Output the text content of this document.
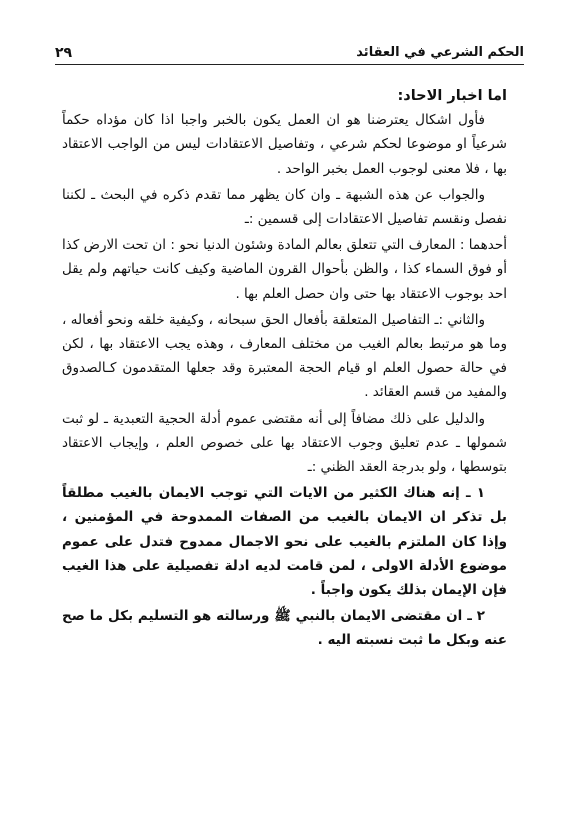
الحكم الشرعي في العقائد
٢٩

اما اخبار الاحاد:

فأول اشكال يعترضنا هو ان العمل يكون بالخبر واجبا اذا كان مؤداه حكماً شرعياً او موضوعا لحكم شرعي ، وتفاصيل الاعتقادات ليس من الواجب الاعتقاد بها ، فلا معنى لوجوب العمل بخبر الواحد .

والجواب عن هذه الشبهة ـ وان كان يظهر مما تقدم ذكره في البحث ـ لكننا نفصل ونقسم تفاصيل الاعتقادات إلى قسمين :ـ

أحدهما : المعارف التي تتعلق بعالم المادة وشئون الدنيا نحو : ان تحت الارض كذا أو فوق السماء كذا ، والظن بأحوال القرون الماضية وكيف كانت حياتهم ولم يقل احد بوجوب الاعتقاد بها حتى وان حصل العلم بها .

والثاني :ـ التفاصيل المتعلقة بأفعال الحق سبحانه ، وكيفية خلقه ونحو أفعاله ، وما هو مرتبط بعالم الغيب من مختلف المعارف ، وهذه يجب الاعتقاد بها ، لكن في حالة حصول العلم او قيام الحجة المعتبرة وقد جعلها المتقدمون كـالصدوق والمفيد من قسم العقائد .

والدليل على ذلك مضافاً إلى أنه مقتضى عموم أدلة الحجية التعبدية ـ لو ثبت شمولها ـ عدم تعليق وجوب الاعتقاد بها على خصوص العلم ، وإيجاب الاعتقاد بتوسطها ، ولو بدرجة العقد الظني :ـ

١ ـ إنه هناك الكثير من الايات التي توجب الايمان بالغيب مطلقاً بل تذكر ان الايمان بالغيب من الصفات الممدوحة في المؤمنين ، وإذا كان الملتزم بالغيب على نحو الاجمال ممدوح فتدل على عموم موضوع الأدلة الاولى ، لمن قامت لديه ادلة تفصيلية على هذا الغيب فإن الإيمان بذلك يكون واجباً .

٢ ـ ان مقتضى الايمان بالنبي ﷺ ورسالته هو التسليم بكل ما صح عنه وبكل ما ثبت نسبته اليه .
